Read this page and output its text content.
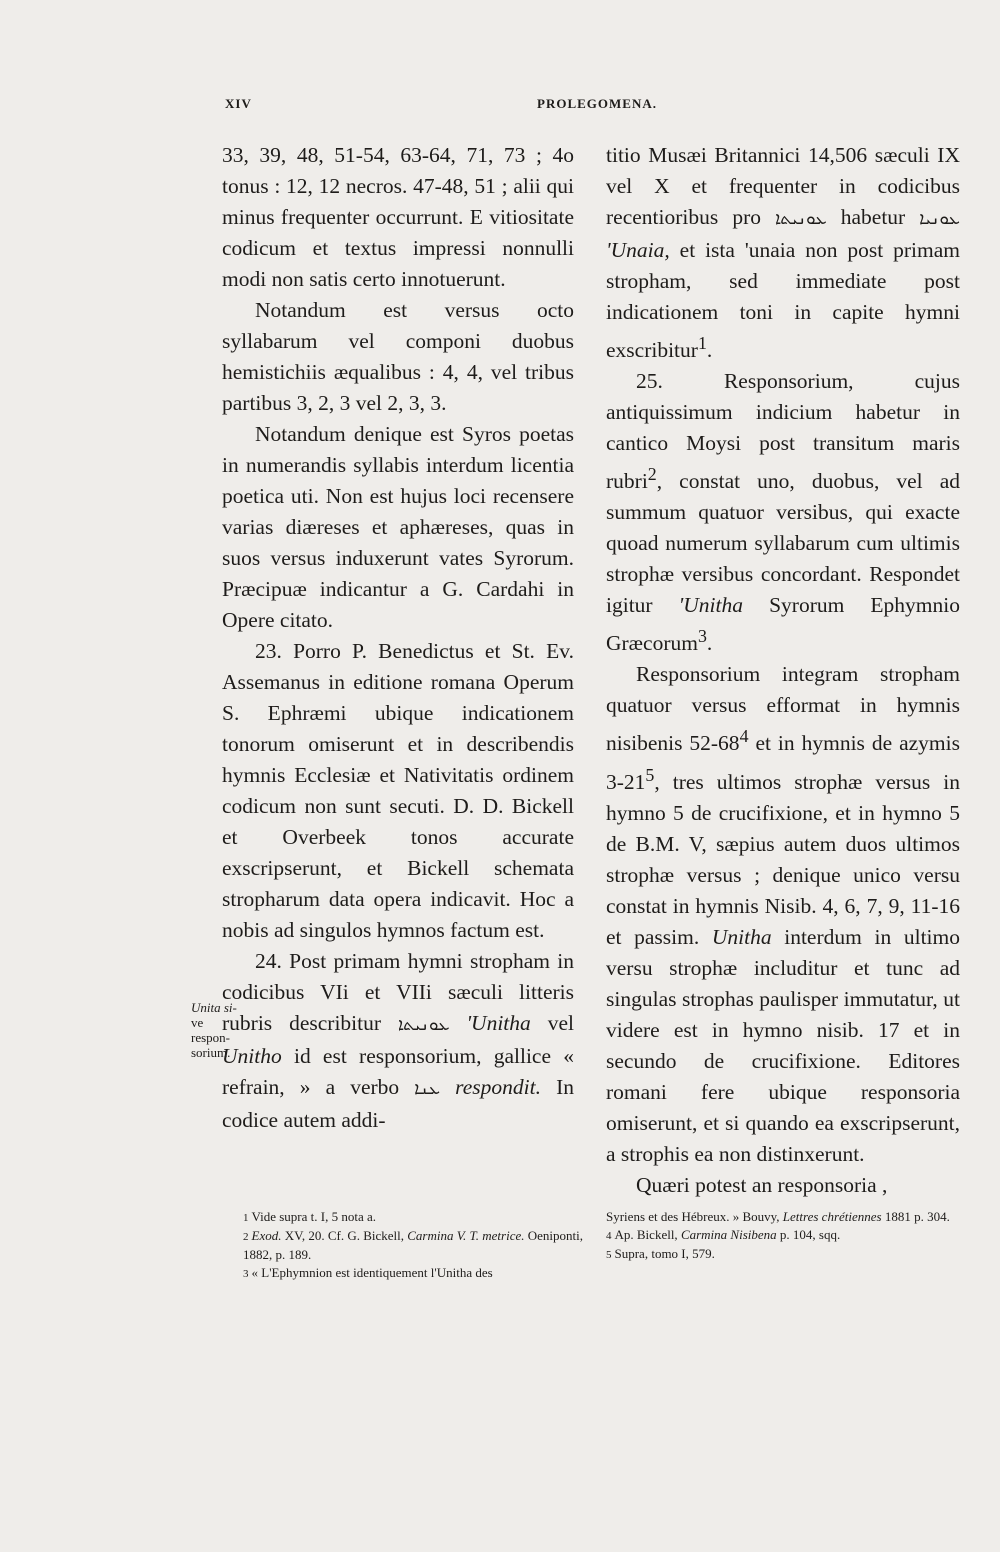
XIV	PROLEGOMENA.

33, 39, 48, 51-54, 63-64, 71, 73 ; 4o tonus : 12, 12 necros. 47-48, 51 ; alii qui minus frequenter occurrunt. E vitiositate codicum et textus impressi nonnulli modi non satis certo innotuerunt.

Notandum est versus octo syllabarum vel componi duobus hemistichiis æqualibus : 4, 4, vel tribus partibus 3, 2, 3 vel 2, 3, 3.

Notandum denique est Syros poetas in numerandis syllabis interdum licentia poetica uti. Non est hujus loci recensere varias diæreses et aphæreses, quas in suos versus induxerunt vates Syrorum. Præcipuæ indicantur a G. Cardahi in Opere citato.

23. Porro P. Benedictus et St. Ev. Assemanus in editione romana Operum S. Ephræmi ubique indicationem tonorum omiserunt et in describendis hymnis Ecclesiæ et Nativitatis ordinem codicum non sunt secuti. D. D. Bickell et Overbeek tonos accurate exscripserunt, et Bickell schemata stropharum data opera indicavit. Hoc a nobis ad singulos hymnos factum est.

24. Post primam hymni stropham in codicibus VIi et VIIi sæculi litteris rubris describitur ܥܘܢܝܬܐ 'Unitha vel Unitho id est responsorium, gallice « refrain, » a verbo ܥܢܐ respondit. In codice autem addi-

Unita si-
ve respon-
sorium.

titio Musæi Britannici 14,506 sæculi IX vel X et frequenter in codicibus recentioribus pro ܥܘܢܝܬܐ habetur ܥܘܢܝܐ 'Unaia, et ista 'unaia non post primam stropham, sed immediate post indicationem toni in capite hymni exscribitur$^1$.

25. Responsorium, cujus antiquissimum indicium habetur in cantico Moysi post transitum maris rubri$^2$, constat uno, duobus, vel ad summum quatuor versibus, qui exacte quoad numerum syllabarum cum ultimis strophæ versibus concordant. Respondet igitur 'Unitha Syrorum Ephymnio Græcorum$^3$.

Responsorium integram stropham quatuor versus efformat in hymnis nisibenis $52-68^4$ et in hymnis de azymis $3-21^5$, tres ultimos strophæ versus in hymno 5 de crucifixione, et in hymno 5 de B.M. V, sæpius autem duos ultimos strophæ versus ; denique unico versu constat in hymnis Nisib. 4, 6, 7, 9, 11-16 et passim. Unitha interdum in ultimo versu strophæ includitur et tunc ad singulas strophas paulisper immutatur, ut videre est in hymno nisib. 17 et in secundo de crucifixione. Editores romani fere ubique responsoria omiserunt, et si quando ea exscripserunt, a strophis ea non distinxerunt.

Quæri potest an responsoria ,

1 Vide supra t. I, 5 nota a.

2 Exod. XV, 20. Cf. G. Bickell, Carmina V. T. metrice. Oeniponti, 1882, p. 189.

3 « L'Ephymnion est identiquement l'Unitha des

Syriens et des Hébreux. » Bouvy, Lettres chrétiennes 1881 p. 304.

4 Ap. Bickell, Carmina Nisibena p. 104, sqq.

5 Supra, tomo I, 579.
